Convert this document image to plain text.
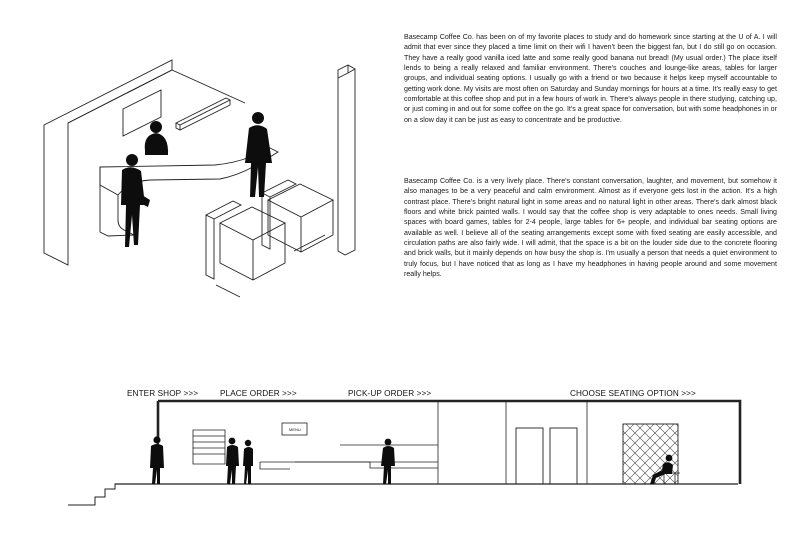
Basecamp Coffee Co. has been on of my favorite places to study and do homework since starting at the U of A. I will admit that ever since they placed a time limit on their wifi I haven't been the biggest fan, but I do still go on occasion. They have a really good vanilla iced latte and some really good banana nut bread! (My usual order.) The place itself lends to being a really relaxed and familiar environment. There's couches and lounge-like areas, tables for larger groups, and individual seating options. I usually go with a friend or two because it helps keep myself accountable to getting work done. My visits are most often on Saturday and Sunday mornings for hours at a time. It's really easy to get comfortable at this coffee shop and put in a few hours of work in. There's always people in there studying, catching up, or just coming in and out for some coffee on the go. It's a great space for conversation, but with some headphones in or on a slow day it can be just as easy to concentrate and be productive.

Basecamp Coffee Co. is a very lively place. There's constant conversation, laughter, and movement, but somehow it also manages to be a very peaceful and calm environment. Almost as if everyone gets lost in the action. It's a high contrast place. There's bright natural light in some areas and no natural light in other areas. There's dark almost black floors and white brick painted walls. I would say that the coffee shop is very adaptable to ones needs. Small living spaces with board games, tables for 2-4 people, large tables for 6+ people, and individual bar seating options are available as well. I believe all of the seating arrangements except some with fixed seating are easily accessible, and circulation paths are also fairly wide. I will admit, that the space is a bit on the louder side due to the concrete flooring and brick walls, but it mainly depends on how busy the shop is. I'm usually a person that needs a quiet environment to truly focus, but I have noticed that as long as I have my headphones in having people around and some movement really helps.

ENTER SHOP >>>	PLACE ORDER >>>	PICK-UP ORDER >>>	CHOOSE SEATING OPTION >>>
MENU
